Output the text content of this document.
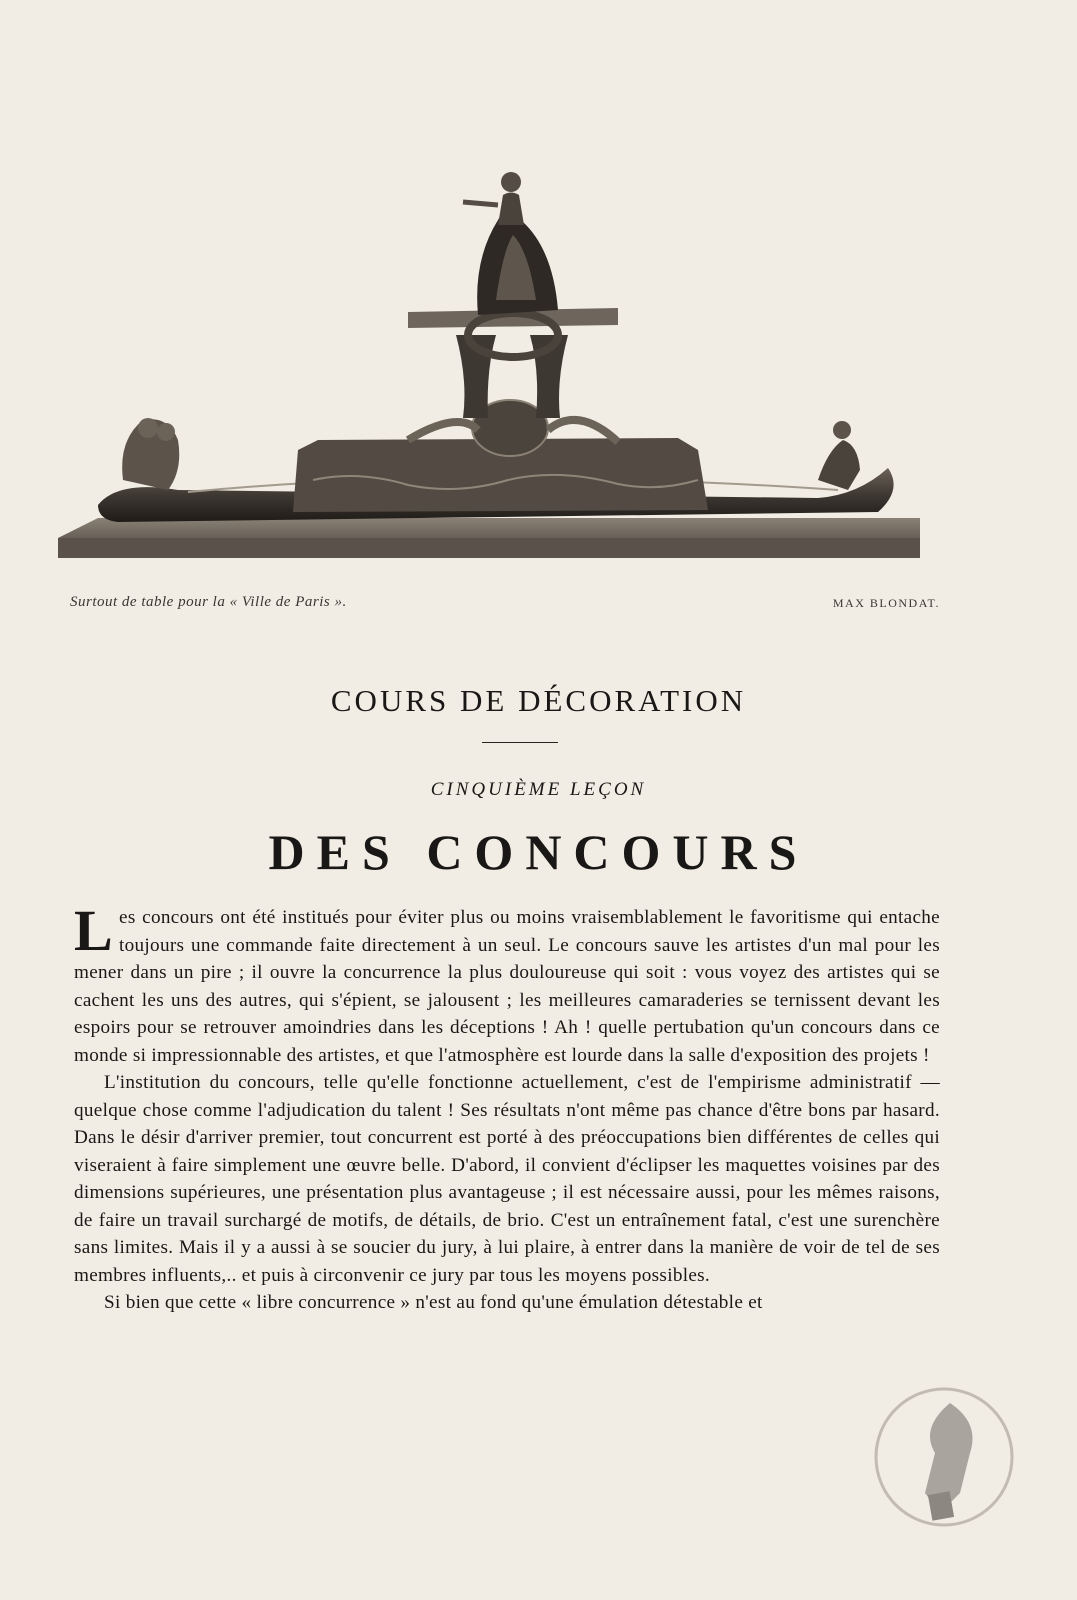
Surtout de table pour la « Ville de Paris ».	MAX BLONDAT.
COURS DE DÉCORATION
CINQUIÈME LEÇON
DES CONCOURS

Les concours ont été institués pour éviter plus ou moins vraisemblablement le favoritisme qui entache toujours une commande faite directement à un seul. Le concours sauve les artistes d'un mal pour les mener dans un pire ; il ouvre la concurrence la plus douloureuse qui soit : vous voyez des artistes qui se cachent les uns des autres, qui s'épient, se jalousent ; les meilleures camaraderies se ternissent devant les espoirs pour se retrouver amoindries dans les déceptions ! Ah ! quelle pertubation qu'un concours dans ce monde si impressionnable des artistes, et que l'atmosphère est lourde dans la salle d'exposition des projets !

L'institution du concours, telle qu'elle fonctionne actuellement, c'est de l'empirisme administratif — quelque chose comme l'adjudication du talent ! Ses résultats n'ont même pas chance d'être bons par hasard. Dans le désir d'arriver premier, tout concurrent est porté à des préoccupations bien différentes de celles qui viseraient à faire simplement une œuvre belle. D'abord, il convient d'éclipser les maquettes voisines par des dimensions supérieures, une présentation plus avantageuse ; il est nécessaire aussi, pour les mêmes raisons, de faire un travail surchargé de motifs, de détails, de brio. C'est un entraînement fatal, c'est une surenchère sans limites. Mais il y a aussi à se soucier du jury, à lui plaire, à entrer dans la manière de voir de tel de ses membres influents,.. et puis à circonvenir ce jury par tous les moyens possibles.

Si bien que cette « libre concurrence » n'est au fond qu'une émulation détestable et
